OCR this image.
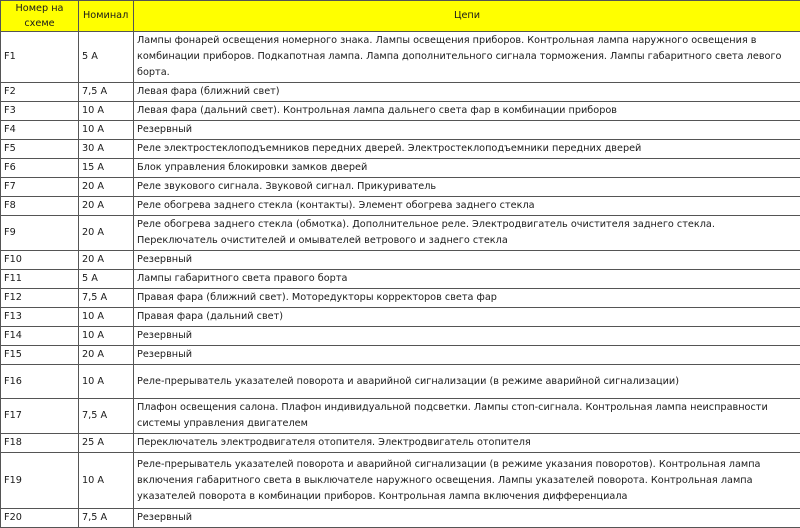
Номер на схеме	Номинал	Цепи
F1	5 А	Лампы фонарей освещения номерного знака. Лампы освещения приборов. Контрольная лампа наружного освещения в комбинации приборов. Подкапотная лампа. Лампа дополнительного сигнала торможения. Лампы габаритного света левого борта.
F2	7,5 А	Левая фара (ближний свет)
F3	10 А	Левая фара (дальний свет). Контрольная лампа дальнего света фар в комбинации приборов
F4	10 А	Резервный
F5	30 А	Реле электростеклоподъемников передних дверей. Электростеклоподъемники передних дверей
F6	15 А	Блок управления блокировки замков дверей
F7	20 А	Реле звукового сигнала. Звуковой сигнал. Прикуриватель
F8	20 А	Реле обогрева заднего стекла (контакты). Элемент обогрева заднего стекла
F9	20 А	Реле обогрева заднего стекла (обмотка). Дополнительное реле. Электродвигатель очистителя заднего стекла. Переключатель очистителей и омывателей ветрового и заднего стекла
F10	20 А	Резервный
F11	5 А	Лампы габаритного света правого борта
F12	7,5 А	Правая фара (ближний свет). Моторедукторы корректоров света фар
F13	10 А	Правая фара (дальний свет)
F14	10 А	Резервный
F15	20 А	Резервный
F16	10 А	Реле-прерыватель указателей поворота и аварийной сигнализации (в режиме аварийной сигнализации)
F17	7,5 А	Плафон освещения салона. Плафон индивидуальной подсветки. Лампы стоп-сигнала. Контрольная лампа неисправности системы управления двигателем
F18	25 А	Переключатель электродвигателя отопителя. Электродвигатель отопителя
F19	10 А	Реле-прерыватель указателей поворота и аварийной сигнализации (в режиме указания поворотов). Контрольная лампа включения габаритного света в выключателе наружного освещения. Лампы указателей поворота. Контрольная лампа указателей поворота в комбинации приборов. Контрольная лампа включения дифференциала
F20	7,5 А	Резервный
